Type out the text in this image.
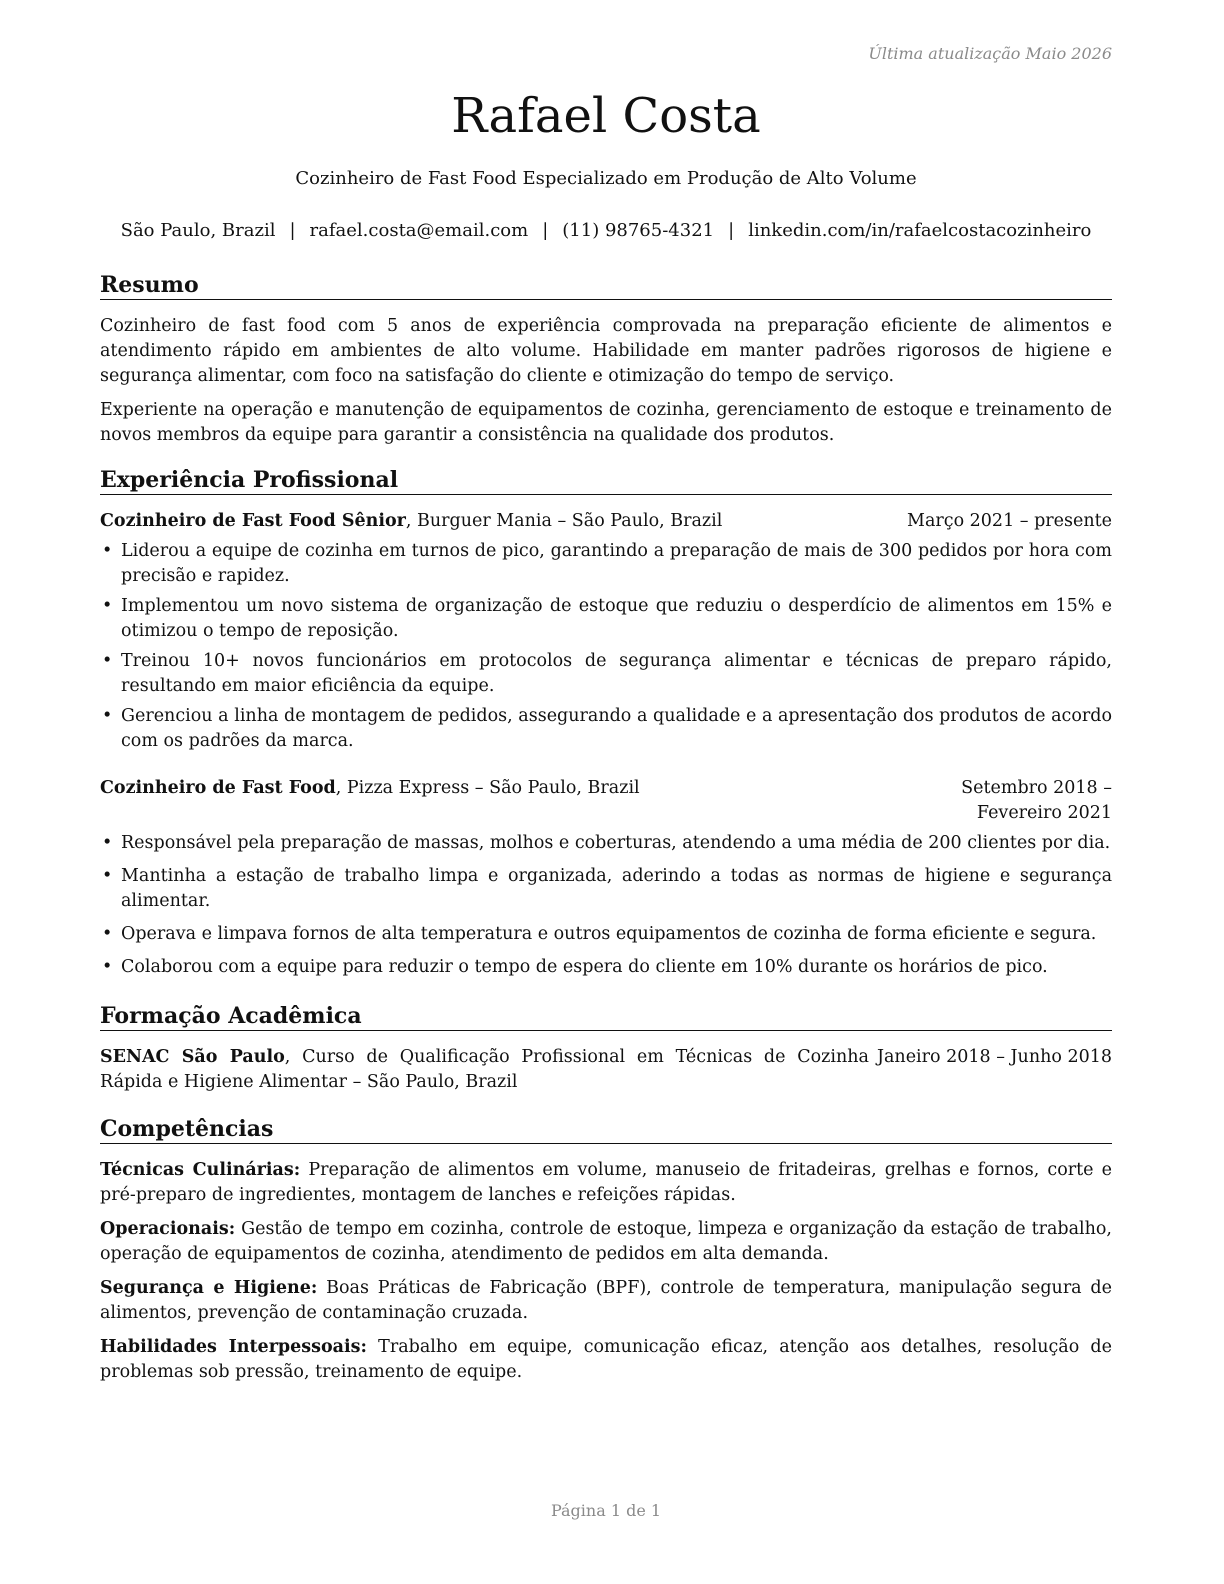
Última atualização Maio 2026
Rafael Costa
Cozinheiro de Fast Food Especializado em Produção de Alto Volume
São Paulo, Brazil | rafael.costa@email.com | (11) 98765-4321 | linkedin.com/in/rafaelcostacozinheiro
Resumo

Cozinheiro de fast food com 5 anos de experiência comprovada na preparação eficiente de alimentos e atendimento rápido em ambientes de alto volume. Habilidade em manter padrões rigorosos de higiene e segurança alimentar, com foco na satisfação do cliente e otimização do tempo de serviço.

Experiente na operação e manutenção de equipamentos de cozinha, gerenciamento de estoque e treinamento de novos membros da equipe para garantir a consistência na qualidade dos produtos.

Experiência Profissional
Cozinheiro de Fast Food Sênior, Burguer Mania – São Paulo, Brazil	Março 2021 – presente
• Liderou a equipe de cozinha em turnos de pico, garantindo a preparação de mais de 300 pedidos por hora com precisão e rapidez.
• Implementou um novo sistema de organização de estoque que reduziu o desperdício de alimentos em 15% e otimizou o tempo de reposição.
• Treinou 10+ novos funcionários em protocolos de segurança alimentar e técnicas de preparo rápido, resultando em maior eficiência da equipe.
• Gerenciou a linha de montagem de pedidos, assegurando a qualidade e a apresentação dos produtos de acordo com os padrões da marca.
Cozinheiro de Fast Food, Pizza Express – São Paulo, Brazil	Setembro 2018 – Fevereiro 2021
• Responsável pela preparação de massas, molhos e coberturas, atendendo a uma média de 200 clientes por dia.
• Mantinha a estação de trabalho limpa e organizada, aderindo a todas as normas de higiene e segurança alimentar.
• Operava e limpava fornos de alta temperatura e outros equipamentos de cozinha de forma eficiente e segura.
• Colaborou com a equipe para reduzir o tempo de espera do cliente em 10% durante os horários de pico.
Formação Acadêmica
SENAC São Paulo, Curso de Qualificação Profissional em Técnicas de Cozinha Rápida e Higiene Alimentar – São Paulo, Brazil
Janeiro 2018 – Junho 2018
Competências

Técnicas Culinárias: Preparação de alimentos em volume, manuseio de fritadeiras, grelhas e fornos, corte e pré-preparo de ingredientes, montagem de lanches e refeições rápidas.

Operacionais: Gestão de tempo em cozinha, controle de estoque, limpeza e organização da estação de trabalho, operação de equipamentos de cozinha, atendimento de pedidos em alta demanda.

Segurança e Higiene: Boas Práticas de Fabricação (BPF), controle de temperatura, manipulação segura de alimentos, prevenção de contaminação cruzada.

Habilidades Interpessoais: Trabalho em equipe, comunicação eficaz, atenção aos detalhes, resolução de problemas sob pressão, treinamento de equipe.

Página 1 de 1
